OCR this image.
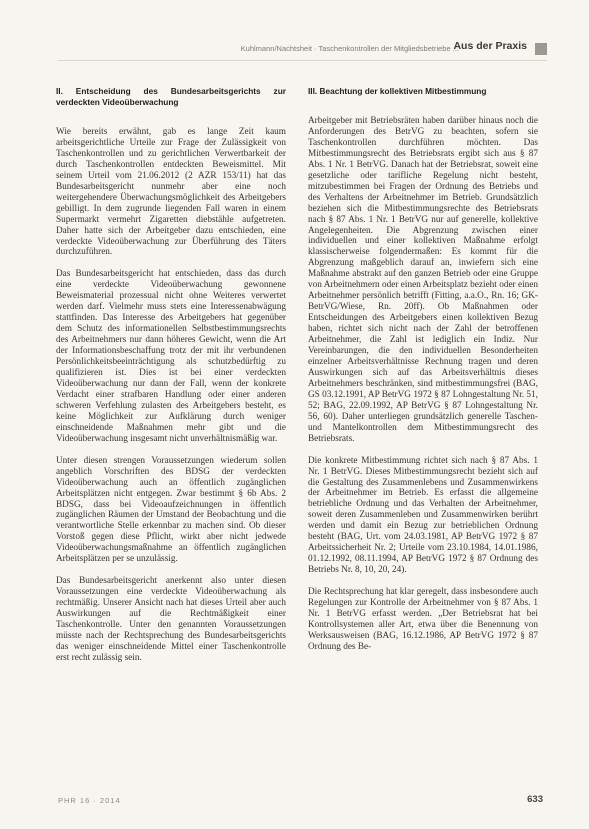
Kuhlmann/Nachtsheit · Taschenkontrollen der Mitgliedsbetriebe ...
Aus der Praxis
II. Entscheidung des Bundesarbeitsgerichts zur verdeckten Videoüberwachung

Wie bereits erwähnt, gab es lange Zeit kaum arbeitsgerichtliche Urteile zur Frage der Zulässigkeit von Taschenkontrollen und zu gerichtlichen Verwertbarkeit der durch Taschenkontrollen entdeckten Beweismittel. Mit seinem Urteil vom 21.06.2012 (2 AZR 153/11) hat das Bundesarbeitsgericht nunmehr aber eine noch weitergehendere Überwachungsmöglichkeit des Arbeitgebers gebilligt. In dem zugrunde liegenden Fall waren in einem Supermarkt vermehrt Zigaretten diebstähle aufgetreten. Daher hatte sich der Arbeitgeber dazu entschieden, eine verdeckte Videoüberwachung zur Überführung des Täters durchzuführen.

Das Bundesarbeitsgericht hat entschieden, dass das durch eine verdeckte Videoüberwachung gewonnene Beweismaterial prozessual nicht ohne Weiteres verwertet werden darf. Vielmehr muss stets eine Interessenabwägung stattfinden. Das Interesse des Arbeitgebers hat gegenüber dem Schutz des informationellen Selbstbestimmungsrechts des Arbeitnehmers nur dann höheres Gewicht, wenn die Art der Informationsbeschaffung trotz der mit ihr verbundenen Persönlichkeitsbeeinträchtigung als schutzbedürftig zu qualifizieren ist. Dies ist bei einer verdeckten Videoüberwachung nur dann der Fall, wenn der konkrete Verdacht einer strafbaren Handlung oder einer anderen schweren Verfehlung zulasten des Arbeitgebers besteht, es keine Möglichkeit zur Aufklärung durch weniger einschneidende Maßnahmen mehr gibt und die Videoüberwachung insgesamt nicht unverhältnismäßig war.

Unter diesen strengen Voraussetzungen wiederum sollen angeblich Vorschriften des BDSG der verdeckten Videoüberwachung auch an öffentlich zugänglichen Arbeitsplätzen nicht entgegen. Zwar bestimmt § 6b Abs. 2 BDSG, dass bei Videoaufzeichnungen in öffentlich zugänglichen Räumen der Umstand der Beobachtung und die verantwortliche Stelle erkennbar zu machen sind. Ob dieser Vorstoß gegen diese Pflicht, wirkt aber nicht jedwede Videoüberwachungsmaßnahme an öffentlich zugänglichen Arbeitsplätzen per se unzulässig.

Das Bundesarbeitsgericht anerkennt also unter diesen Voraussetzungen eine verdeckte Videoüberwachung als rechtmäßig. Unserer Ansicht nach hat dieses Urteil aber auch Auswirkungen auf die Rechtmäßigkeit einer Taschenkontrolle. Unter den genannten Voraussetzungen müsste nach der Rechtsprechung des Bundesarbeitsgerichts das weniger einschneidende Mittel einer Taschenkontrolle erst recht zulässig sein.

III. Beachtung der kollektiven Mitbestimmung

Arbeitgeber mit Betriebsräten haben darüber hinaus noch die Anforderungen des BetrVG zu beachten, sofern sie Taschenkontrollen durchführen möchten. Das Mitbestimmungsrecht des Betriebsrats ergibt sich aus § 87 Abs. 1 Nr. 1 BetrVG. Danach hat der Betriebsrat, soweit eine gesetzliche oder tarifliche Regelung nicht besteht, mitzubestimmen bei Fragen der Ordnung des Betriebs und des Verhaltens der Arbeitnehmer im Betrieb. Grundsätzlich beziehen sich die Mitbestimmungsrechte des Betriebsrats nach § 87 Abs. 1 Nr. 1 BetrVG nur auf generelle, kollektive Angelegenheiten. Die Abgrenzung zwischen einer individuellen und einer kollektiven Maßnahme erfolgt klassischerweise folgendermaßen: Es kommt für die Abgrenzung maßgeblich darauf an, inwiefern sich eine Maßnahme abstrakt auf den ganzen Betrieb oder eine Gruppe von Arbeitnehmern oder einen Arbeitsplatz bezieht oder einen Arbeitnehmer persönlich betrifft (Fitting, a.a.O., Rn. 16; GK-BetrVG/Wiese, Rn. 20ff). Ob Maßnahmen oder Entscheidungen des Arbeitgebers einen kollektiven Bezug haben, richtet sich nicht nach der Zahl der betroffenen Arbeitnehmer, die Zahl ist lediglich ein Indiz. Nur Vereinbarungen, die den individuellen Besonderheiten einzelner Arbeitsverhältnisse Rechnung tragen und deren Auswirkungen sich auf das Arbeitsverhältnis dieses Arbeitnehmers beschränken, sind mitbestimmungsfrei (BAG, GS 03.12.1991, AP BetrVG 1972 § 87 Lohngestaltung Nr. 51, 52; BAG, 22.09.1992, AP BetrVG § 87 Lohngestaltung Nr. 56, 60). Daher unterliegen grundsätzlich generelle Taschen- und Mantelkontrollen dem Mitbestimmungsrecht des Betriebsrats.

Die konkrete Mitbestimmung richtet sich nach § 87 Abs. 1 Nr. 1 BetrVG. Dieses Mitbestimmungsrecht bezieht sich auf die Gestaltung des Zusammenlebens und Zusammenwirkens der Arbeitnehmer im Betrieb. Es erfasst die allgemeine betriebliche Ordnung und das Verhalten der Arbeitnehmer, soweit deren Zusammenleben und Zusammenwirken berührt werden und damit ein Bezug zur betrieblichen Ordnung besteht (BAG, Urt. vom 24.03.1981, AP BetrVG 1972 § 87 Arbeitssicherheit Nr. 2; Urteile vom 23.10.1984, 14.01.1986, 01.12.1992, 08.11.1994, AP BetrVG 1972 § 87 Ordnung des Betriebs Nr. 8, 10, 20, 24).

Die Rechtsprechung hat klar geregelt, dass insbesondere auch Regelungen zur Kontrolle der Arbeitnehmer von § 87 Abs. 1 Nr. 1 BetrVG erfasst werden. „Der Betriebsrat hat bei Kontrollsystemen aller Art, etwa über die Benennung von Werksausweisen (BAG, 16.12.1986, AP BetrVG 1972 § 87 Ordnung des Be-

PHR 16 · 2014	633
